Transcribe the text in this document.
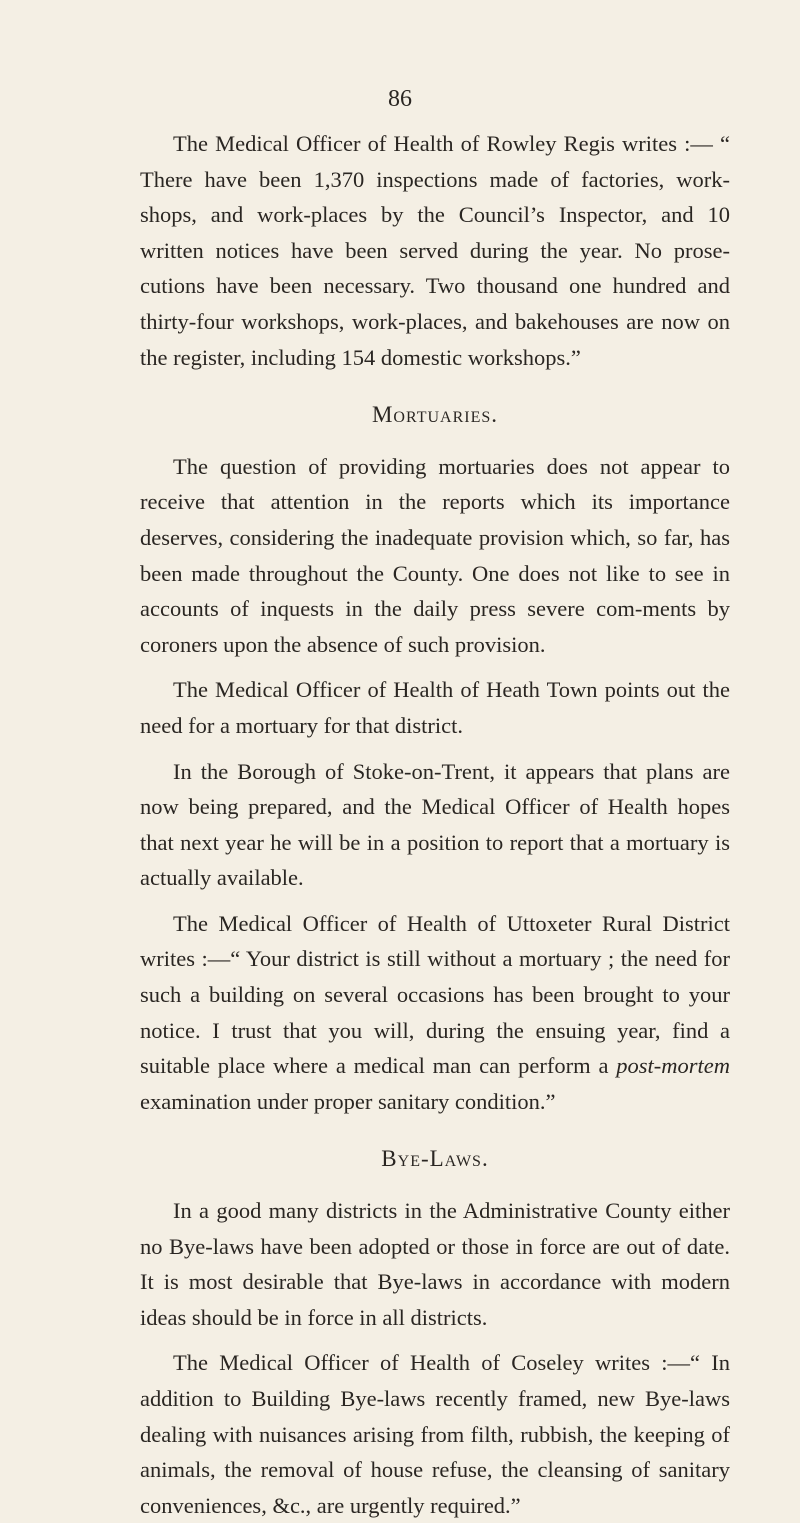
86

The Medical Officer of Health of Rowley Regis writes :— “ There have been 1,370 inspections made of factories, work-shops, and work-places by the Council’s Inspector, and 10 written notices have been served during the year. No prose-cutions have been necessary. Two thousand one hundred and thirty-four workshops, work-places, and bakehouses are now on the register, including 154 domestic workshops.”

Mortuaries.

The question of providing mortuaries does not appear to receive that attention in the reports which its importance deserves, considering the inadequate provision which, so far, has been made throughout the County. One does not like to see in accounts of inquests in the daily press severe com-ments by coroners upon the absence of such provision.

The Medical Officer of Health of Heath Town points out the need for a mortuary for that district.

In the Borough of Stoke-on-Trent, it appears that plans are now being prepared, and the Medical Officer of Health hopes that next year he will be in a position to report that a mortuary is actually available.

The Medical Officer of Health of Uttoxeter Rural District writes :—“ Your district is still without a mortuary ; the need for such a building on several occasions has been brought to your notice. I trust that you will, during the ensuing year, find a suitable place where a medical man can perform a post-mortem examination under proper sanitary condition.”

Bye-Laws.

In a good many districts in the Administrative County either no Bye-laws have been adopted or those in force are out of date. It is most desirable that Bye-laws in accordance with modern ideas should be in force in all districts.

The Medical Officer of Health of Coseley writes :—“ In addition to Building Bye-laws recently framed, new Bye-laws dealing with nuisances arising from filth, rubbish, the keeping of animals, the removal of house refuse, the cleansing of sanitary conveniences, &c., are urgently required.”
